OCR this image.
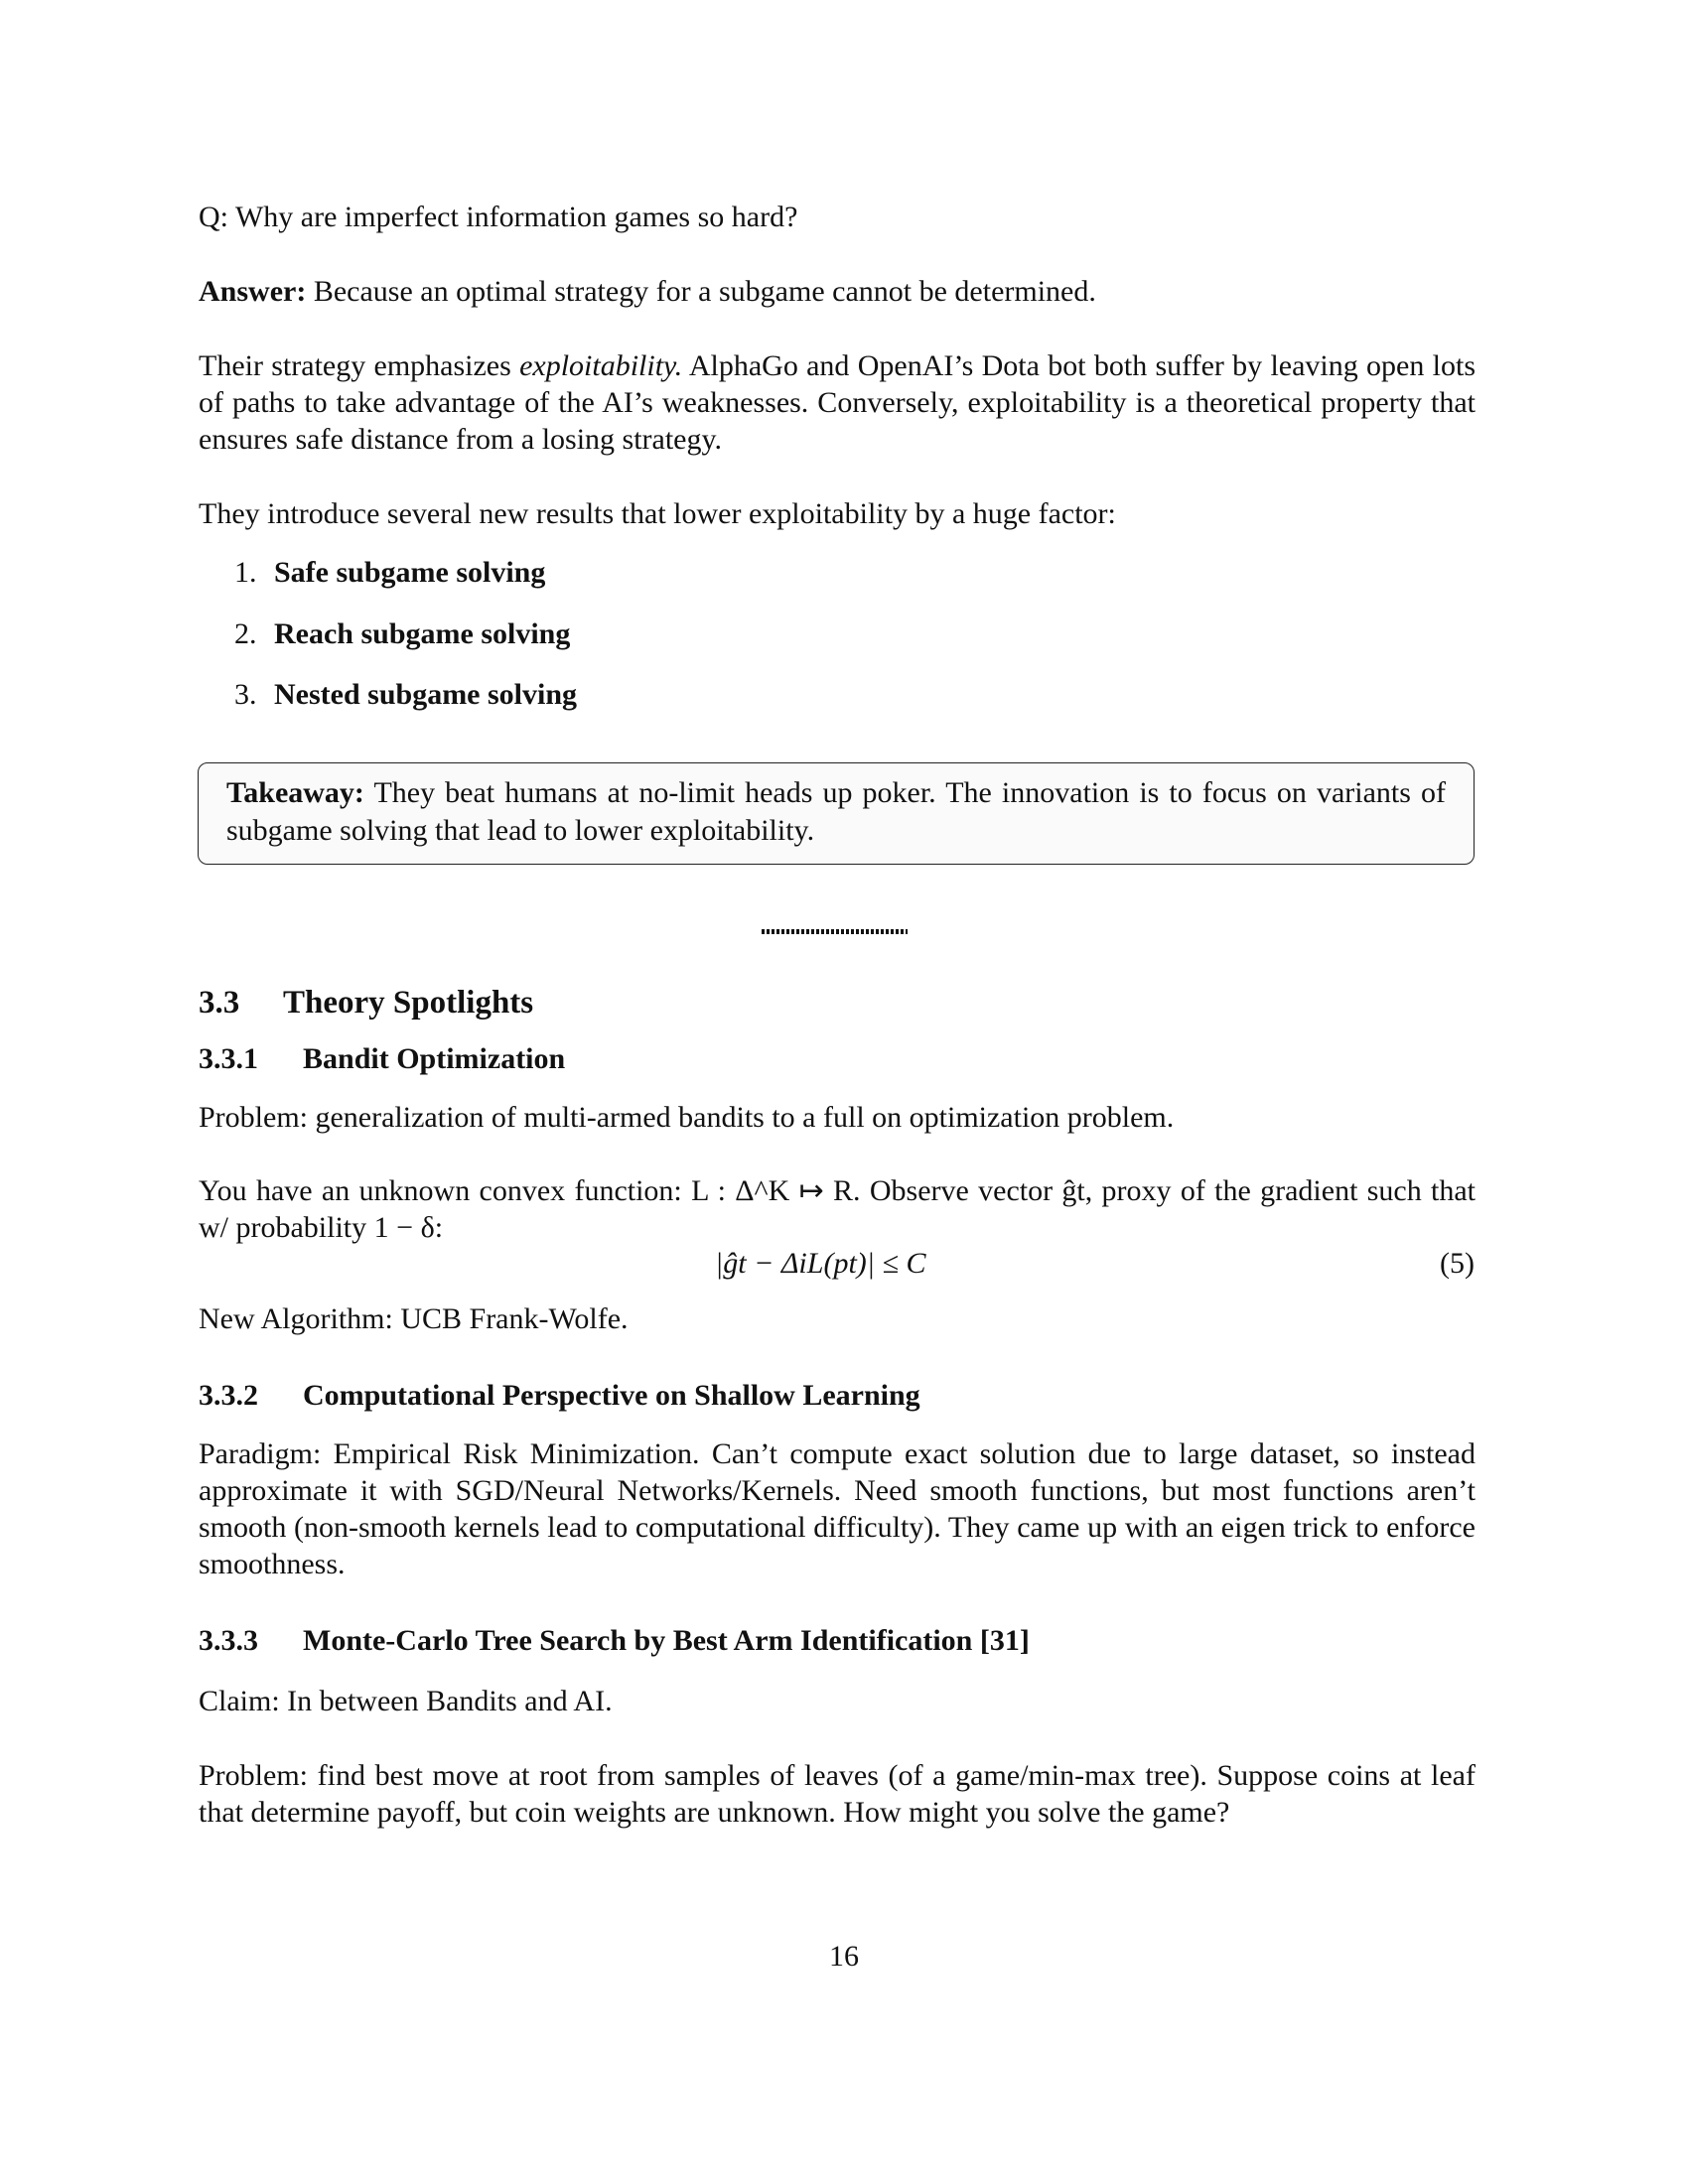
Q: Why are imperfect information games so hard?
Answer: Because an optimal strategy for a subgame cannot be determined.
Their strategy emphasizes exploitability. AlphaGo and OpenAI’s Dota bot both suffer by leaving open lots of paths to take advantage of the AI’s weaknesses. Conversely, exploitability is a theoretical property that ensures safe distance from a losing strategy.
They introduce several new results that lower exploitability by a huge factor:
1. Safe subgame solving
2. Reach subgame solving
3. Nested subgame solving
Takeaway: They beat humans at no-limit heads up poker. The innovation is to focus on variants of subgame solving that lead to lower exploitability.
3.3 Theory Spotlights
3.3.1 Bandit Optimization
Problem: generalization of multi-armed bandits to a full on optimization problem.
You have an unknown convex function: L : Δ^K ↦ R. Observe vector ĝt, proxy of the gradient such that w/ probability 1 − δ:
|ĝt − ΔiL(pt)| ≤ C	(5)
New Algorithm: UCB Frank-Wolfe.
3.3.2 Computational Perspective on Shallow Learning
Paradigm: Empirical Risk Minimization. Can’t compute exact solution due to large dataset, so instead approximate it with SGD/Neural Networks/Kernels. Need smooth functions, but most functions aren’t smooth (non-smooth kernels lead to computational difficulty). They came up with an eigen trick to enforce smoothness.
3.3.3 Monte-Carlo Tree Search by Best Arm Identification [31]
Claim: In between Bandits and AI.
Problem: find best move at root from samples of leaves (of a game/min-max tree). Suppose coins at leaf that determine payoff, but coin weights are unknown. How might you solve the game?
16
